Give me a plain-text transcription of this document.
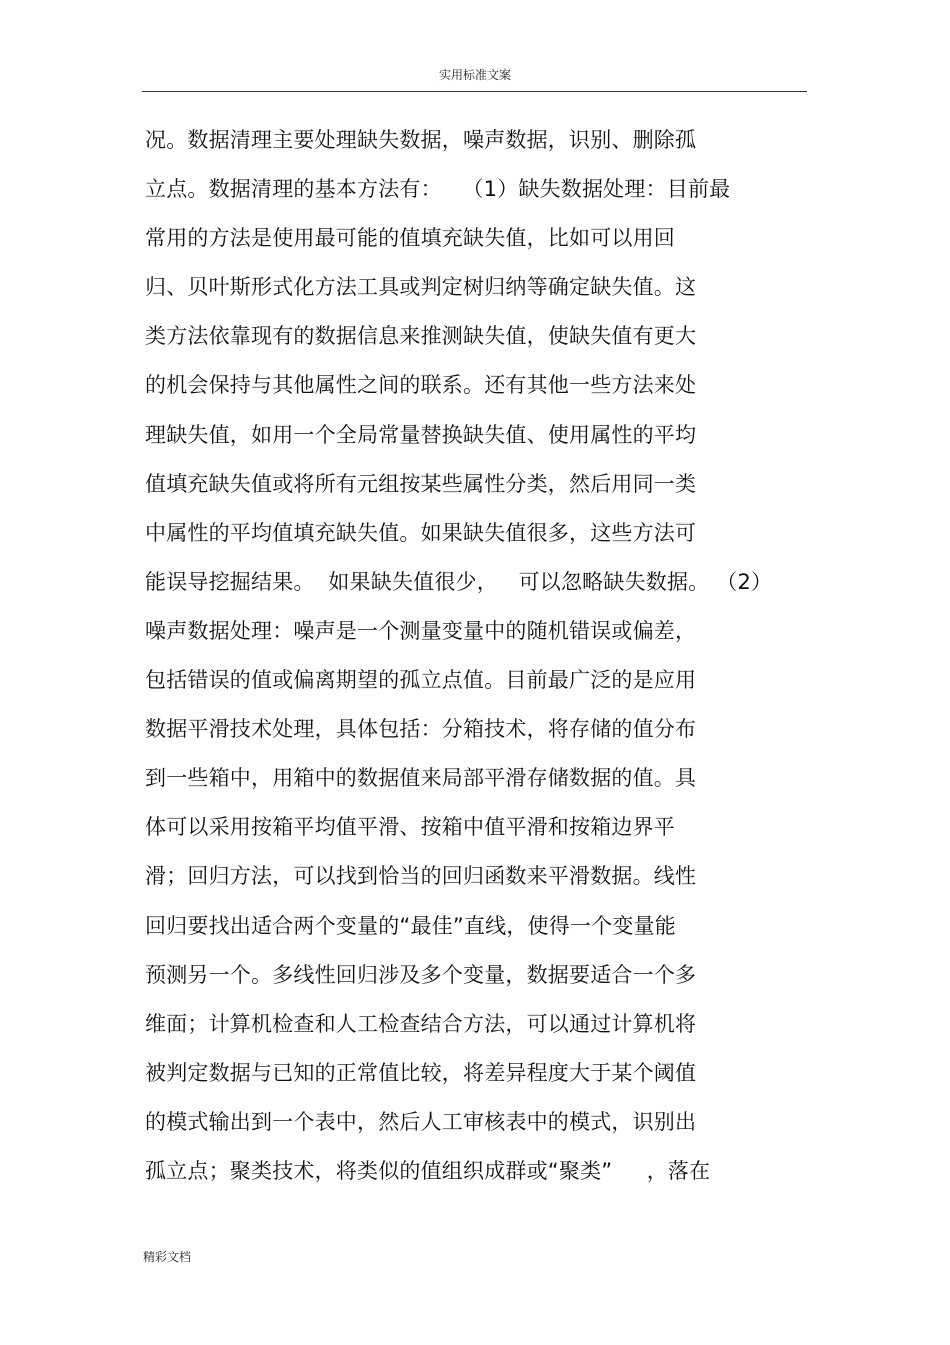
实用标准文案
况。数据清理主要处理缺失数据，噪声数据，识别、删除孤
立点。数据清理的基本方法有：   （1）缺失数据处理：目前最
常用的方法是使用最可能的值填充缺失值，比如可以用回
归、贝叶斯形式化方法工具或判定树归纳等确定缺失值。这
类方法依靠现有的数据信息来推测缺失值，使缺失值有更大
的机会保持与其他属性之间的联系。还有其他一些方法来处
理缺失值，如用一个全局常量替换缺失值、使用属性的平均
值填充缺失值或将所有元组按某些属性分类，然后用同一类
中属性的平均值填充缺失值。如果缺失值很多，这些方法可
能误导挖掘结果。  如果缺失值很少，   可以忽略缺失数据。 （2）
噪声数据处理：噪声是一个测量变量中的随机错误或偏差，
包括错误的值或偏离期望的孤立点值。目前最广泛的是应用
数据平滑技术处理，具体包括：分箱技术，将存储的值分布
到一些箱中，用箱中的数据值来局部平滑存储数据的值。具
体可以采用按箱平均值平滑、按箱中值平滑和按箱边界平
滑；回归方法，可以找到恰当的回归函数来平滑数据。线性
回归要找出适合两个变量的“最佳”直线，使得一个变量能
预测另一个。多线性回归涉及多个变量，数据要适合一个多
维面；计算机检查和人工检查结合方法，可以通过计算机将
被判定数据与已知的正常值比较，将差异程度大于某个阈值
的模式输出到一个表中，然后人工审核表中的模式，识别出
孤立点；聚类技术，将类似的值组织成群或“聚类”     ，落在
精彩文档
